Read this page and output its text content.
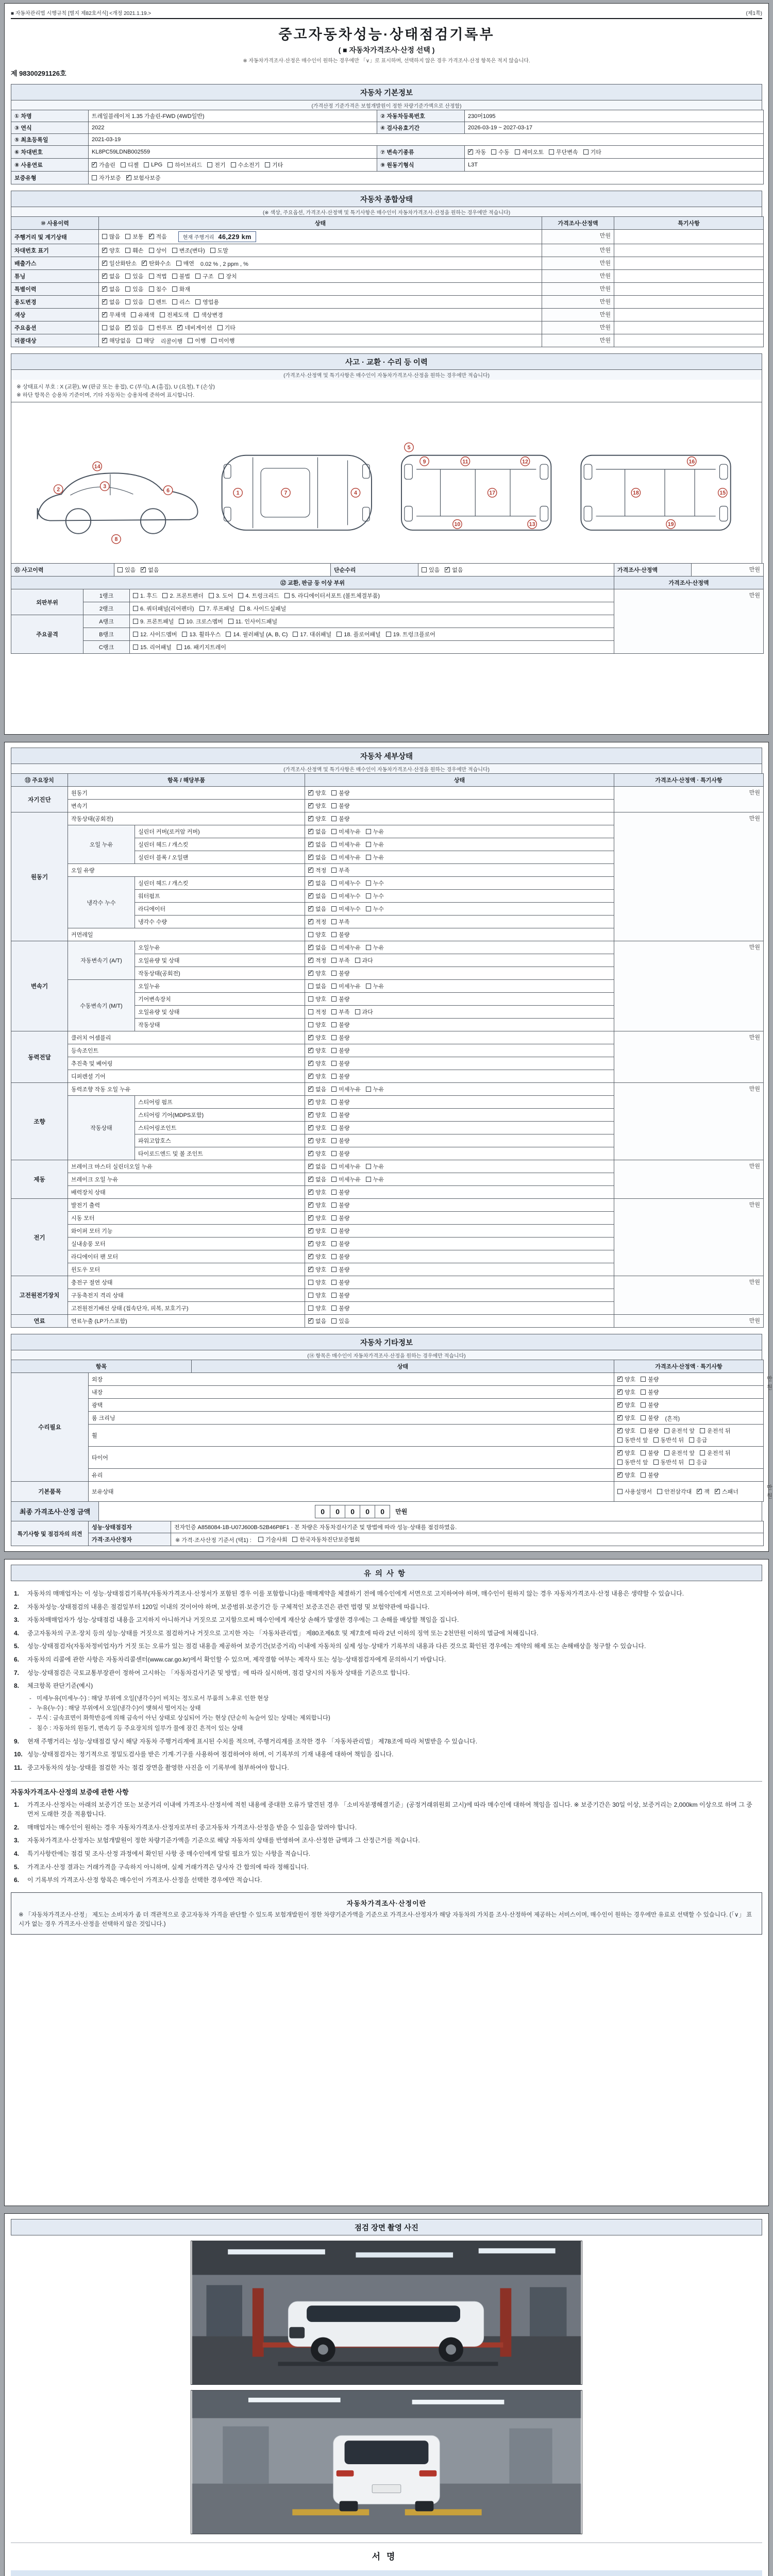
■ 자동차관리법 시행규칙 [별지 제82호서식] <개정 2021.1.19.>	(제1쪽)
중고자동차성능·상태점검기록부
( ■ 자동차가격조사·산정 선택 )
※ 자동차가격조사·산정은 매수인이 원하는 경우에만 「∨」로 표시하며, 선택하지 않은 경우 가격조사·산정 항목은 적지 않습니다.
제 98300291126호
자동차 기본정보
(가격산정 기준가격은 보험개발원이 정한 차량기준가액으로 산정함)
① 차명	트레일블레이저 1.35 가솔린-FWD (4WD일반)	② 자동차등록번호	230머1095
③ 연식	2022	④ 검사유효기간	2026-03-19 ~ 2027-03-17
⑤ 최초등록일	2021-03-19		
⑥ 차대번호	KL8PC59LDNB002559	⑦ 변속기종류	
✓자동 수동 세미오토 무단변속 기타

⑧ 사용연료	
✓가솔린 디젤 LPG 하이브리드 전기 수소전기 기타	⑨ 원동기형식	L3T
보증유형	자가보증 ✓ 보험사보증
자동차 종합상태
(※ 색상, 주요옵션, 가격조사·산정액 및 특기사항은 매수인이 자동차가격조사·산정을 원하는 경우에만 적습니다)
⑩ 사용이력	상태	가격조사·산정액	특기사항
주행거리 및 계기상태	많음 보통 ✓ 적음 현재 주행거리 46,229 km	만원	
차대번호 표기	
✓양호 훼손 상이 변조(변타) 도말	만원	
배출가스	
✓일산화탄소 ✓ 탄화수소 매연 0.02 % , 2 ppm , %	만원	
튜닝	
✓없음 있음 적법 불법 구조 장치	만원	
특별이력	
✓없음 있음 침수 화재	만원	
용도변경	
✓없음 있음 렌트 리스 영업용	만원	
색상	
✓무채색 유채색 전체도색 색상변경	만원	
주요옵션	없음 ✓ 있음 썬루프 ✓ 네비게이션 기타	만원	
리콜대상	
✓해당없음 해당 리콜이행 이행 미이행	만원	
사고 · 교환 · 수리 등 이력
(가격조사·산정액 및 특기사항은 매수인이 자동차가격조사·산정을 원하는 경우에만 적습니다)
※ 상태표시 부호 : X (교환), W (판금 또는 용접), C (부식), A (흠집), U (요철), T (손상)
※ 하단 항목은 승용차 기준이며, 기타 자동차는 승용차에 준하여 표시합니다.
2	3
6
8
14
1	7	4
5
9
10
11
17
12
13
18	15
16
19
⑪ 사고이력	있음 ✓ 없음	단순수리	있음 ✓ 없음	가격조사·산정액	만원
⑫ 교환, 판금 등 이상 부위			가격조사·산정액
외판부위	1랭크	1. 후드 2. 프론트펜더 3. 도어 4. 트렁크리드 5. 라디에이터서포트 (볼트체결부품)	만원
	2랭크	6. 쿼터패널(리어펜더) 7. 루프패널 8. 사이드실패널	

주요골격	A랭크	9. 프론트패널 10. 크로스멤버 11. 인사이드패널	

B랭크	12. 사이드멤버 13. 휠하우스 14. 필러패널 (A, B, C) 17. 대쉬패널 18. 플로어패널 19. 트렁크플로어

	C랭크	15. 리어패널 16. 패키지트레이	
자동차 세부상태
(가격조사·산정액 및 특기사항은 매수인이 자동차가격조사·산정을 원하는 경우에만 적습니다)
⑬ 주요장치	항목 / 해당부품		상태	가격조사·산정액 · 특기사항
자기진단	원동기	
✓양호 불량	만원
	변속기	
✓양호 불량

원동기	작동상태(공회전)	
✓양호 불량	만원
	오일 누유	실린더 커버(로커암 커버)	
✓없음 미세누유 누유

		실린더 헤드 / 개스킷	
✓없음 미세누유 누유

		실린더 블록 / 오일팬	
✓없음 미세누유 누유

	오일 유량	
✓적정 부족

	냉각수 누수	실린더 헤드 / 개스킷	
✓없음 미세누수 누수

		워터펌프	
✓없음 미세누수 누수

		라디에이터	
✓없음 미세누수 누수

		냉각수 수량	
✓적정 부족

	커먼레일		양호 불량	

변속기	자동변속기 (A/T)	오일누유	
✓없음 미세누유 누유	만원
		오일유량 및 상태	
✓적정 부족 과다

		작동상태(공회전)	
✓양호 불량

	수동변속기 (M/T)	오일누유	없음 미세누유 누유	

		기어변속장치	양호 불량	

		오일유량 및 상태	적정 부족 과다	

		작동상태	양호 불량	

동력전달	클러치 어셈블리	
✓양호 불량	만원
	등속조인트	
✓양호 불량

	추진축 및 베어링	
✓양호 불량

	디퍼렌셜 기어	
✓양호 불량

조향	동력조향 작동 오일 누유	
✓없음 미세누유 누유	만원
	작동상태	스티어링 펌프	
✓양호 불량

		스티어링 기어(MDPS포함)	
✓양호 불량

		스티어링조인트	
✓양호 불량

		파워고압호스	
✓양호 불량

		타이로드엔드 및 볼 조인트	
✓양호 불량

제동	브레이크 마스터 실린더오일 누유	
✓없음 미세누유 누유	만원
	브레이크 오일 누유	
✓없음 미세누유 누유

	배력장치 상태	
✓양호 불량

전기	발전기 출력	
✓양호 불량	만원
	시동 모터	
✓양호 불량

	와이퍼 모터 기능	
✓양호 불량

	실내송풍 모터	
✓양호 불량

	라디에이터 팬 모터	
✓양호 불량

	윈도우 모터	
✓양호 불량

고전원전기장치	충전구 절연 상태		양호 불량	만원
	구동축전지 격리 상태		양호 불량	

	고전원전기배선 상태 (접속단자, 피복, 보호기구)		양호 불량	

연료	연료누출 (LP가스포함)	
✓없음 있음	만원
자동차 기타정보
(⑭ 항목은 매수인이 자동차가격조사·산정을 원하는 경우에만 적습니다)
항목		상태	가격조사·산정액 · 특기사항	
수리필요	외장	
✓양호 불량	만원
	내장	
✓양호 불량

	광택	
✓양호 불량

	룸 크리닝	
✓양호 불량 (흔적)
휠	
✓
양호 불량 운전석 앞 운전석 뒤
동반석 앞 동반석 뒤 응급

타이어	
✓
양호 불량 운전석 앞 운전석 뒤
동반석 앞 동반석 뒤 응급

	유리	
✓양호 불량

기본품목	보유상태		사용설명서 안전삼각대 ✓ 잭 ✓ 스패너	만원
최종 가격조사·산정 금액	0	0	0	0	0	만원
특기사항 및 점검자의 의견	성능·상태점검자	전자인증 A858084-1B-U07J600B-52B46P8F1 · 본 차량은 자동차검사기준 및 방법에 따라 성능·상태를 점검하였음.
	가격·조사산정자	※ 가격·조사산정 기준서 (택1) : 기술사회 한국자동차진단보증협회
유의사항
1.	자동차의 매매업자는 이 성능·상태점검기록부(자동차가격조사·산정서가 포함된 경우 이를 포함합니다)를 매매계약을 체결하기 전에 매수인에게 서면으로 고지하여야 하며, 매수인이 원하지 않는 경우 자동차가격조사·산정 내용은 생략할 수 있습니다.
2.	자동차성능·상태점검의 내용은 점검일부터 120일 이내의 것이어야 하며, 보증범위·보증기간 등 구체적인 보증조건은 관련 법령 및 보험약관에 따릅니다.
3.	자동차매매업자가 성능·상태점검 내용을 고지하지 아니하거나 거짓으로 고지함으로써 매수인에게 재산상 손해가 발생한 경우에는 그 손해를 배상할 책임을 집니다.
4.	중고자동차의 구조·장치 등의 성능·상태를 거짓으로 점검하거나 거짓으로 고지한 자는 「자동차관리법」 제80조제6호 및 제7호에 따라 2년 이하의 징역 또는 2천만원 이하의 벌금에 처해집니다.
5.	성능·상태점검자(자동차정비업자)가 거짓 또는 오류가 있는 점검 내용을 제공하여 보증기간(보증거리) 이내에 자동차의 실제 성능·상태가 기록부의 내용과 다른 것으로 확인된 경우에는 계약의 해제 또는 손해배상을 청구할 수 있습니다.
6.	자동차의 리콜에 관한 사항은 자동차리콜센터(www.car.go.kr)에서 확인할 수 있으며, 제작결함 여부는 제작사 또는 성능·상태점검자에게 문의하시기 바랍니다.
7.	성능·상태점검은 국토교통부장관이 정하여 고시하는 「자동차검사기준 및 방법」에 따라 실시하며, 점검 당시의 자동차 상태를 기준으로 합니다.
8.	체크항목 판단기준(예시)
- 미세누유(미세누수) : 해당 부위에 오일(냉각수)이 비치는 정도로서 부품의 노후로 인한 현상
- 누유(누수) : 해당 부위에서 오일(냉각수)이 맺혀서 떨어지는 상태
- 부식 : 금속표면이 화학반응에 의해 금속이 아닌 상태로 상실되어 가는 현상 (단순히 녹슬어 있는 상태는 제외합니다)
- 침수 : 자동차의 원동기, 변속기 등 주요장치의 일부가 물에 잠긴 흔적이 있는 상태
9.	현재 주행거리는 성능·상태점검 당시 해당 자동차 주행거리계에 표시된 수치를 적으며, 주행거리계를 조작한 경우 「자동차관리법」 제78조에 따라 처벌받을 수 있습니다.
10. 성능·상태점검자는 정기적으로 정밀도검사를 받은 기계·기구를 사용하여 점검하여야 하며, 이 기록부의 기재 내용에 대하여 책임을 집니다.
11. 중고자동차의 성능·상태를 점검한 자는 점검 장면을 촬영한 사진을 이 기록부에 첨부하여야 합니다.
자동차가격조사·산정의 보증에 관한 사항
1.	가격조사·산정자는 아래의 보증기간 또는 보증거리 이내에 가격조사·산정서에 적힌 내용에 중대한 오류가 발견된 경우 「소비자분쟁해결기준」(공정거래위원회 고시)에 따라 매수인에 대하여 책임을 집니다. ※ 보증기간은 30일 이상, 보증거리는 2,000km 이상으로 하며 그 중 먼저 도래한 것을 적용합니다.
2.	매매업자는 매수인이 원하는 경우 자동차가격조사·산정자로부터 중고자동차 가격조사·산정을 받을 수 있음을 알려야 합니다.
3.	자동차가격조사·산정자는 보험개발원이 정한 차량기준가액을 기준으로 해당 자동차의 상태를 반영하여 조사·산정한 금액과 그 산정근거를 적습니다.
4.	특기사항란에는 점검 및 조사·산정 과정에서 확인된 사항 중 매수인에게 알릴 필요가 있는 사항을 적습니다.
5.	가격조사·산정 결과는 거래가격을 구속하지 아니하며, 실제 거래가격은 당사자 간 합의에 따라 정해집니다.
6.	이 기록부의 가격조사·산정 항목은 매수인이 가격조사·산정을 선택한 경우에만 적습니다.
자동차가격조사·산정이란
※ 「자동차가격조사·산정」 제도는 소비자가 좀 더 객관적으로 중고자동차 가격을 판단할 수 있도록 보험개발원이 정한 차량기준가액을 기준으로 가격조사·산정자가 해당 자동차의 가치를 조사·산정하여 제공하는 서비스이며, 매수인이 원하는 경우에만 유료로 선택할 수 있습니다. (「∨」 표시가 없는 경우 가격조사·산정을 선택하지 않은 것입니다.)
점검 장면 촬영 사진
서명
